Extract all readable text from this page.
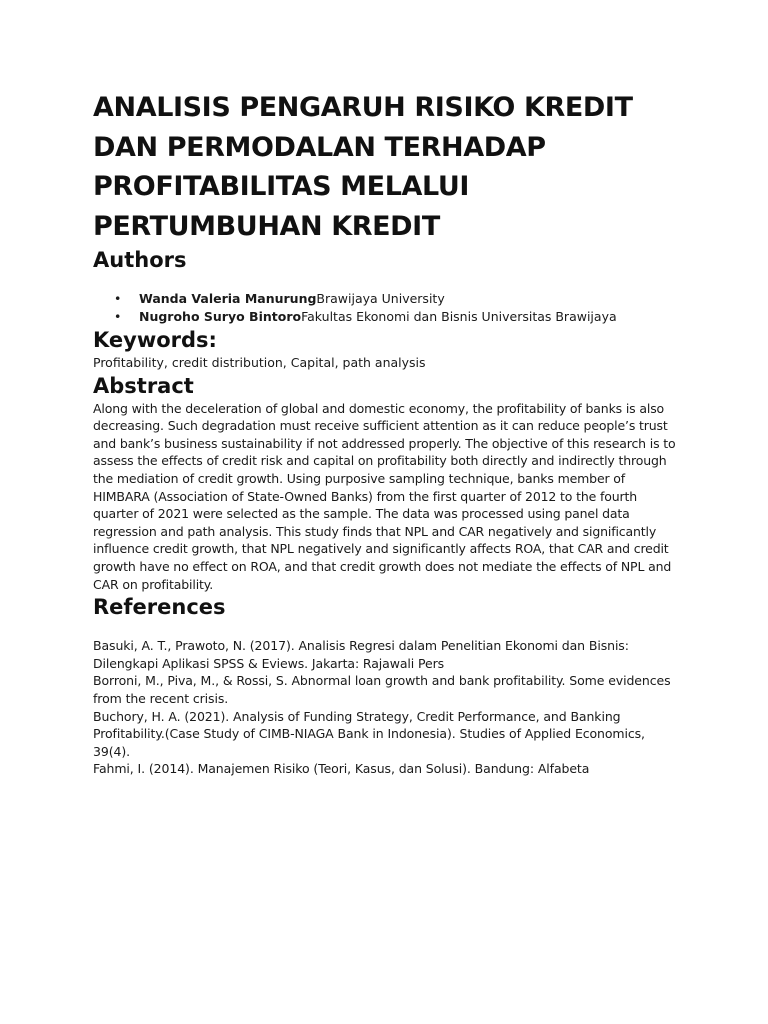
ANALISIS PENGARUH RISIKO KREDIT DAN PERMODALAN TERHADAP PROFITABILITAS MELALUI PERTUMBUHAN KREDIT
Authors
• Wanda Valeria ManurungBrawijaya University
• Nugroho Suryo BintoroFakultas Ekonomi dan Bisnis Universitas Brawijaya
Keywords:

Profitability, credit distribution, Capital, path analysis

Abstract

Along with the deceleration of global and domestic economy, the profitability of banks is also decreasing. Such degradation must receive sufficient attention as it can reduce people’s trust and bank’s business sustainability if not addressed properly. The objective of this research is to assess the effects of credit risk and capital on profitability both directly and indirectly through the mediation of credit growth. Using purposive sampling technique, banks member of HIMBARA (Association of State-Owned Banks) from the first quarter of 2012 to the fourth quarter of 2021 were selected as the sample. The data was processed using panel data regression and path analysis. This study finds that NPL and CAR negatively and significantly influence credit growth, that NPL negatively and significantly affects ROA, that CAR and credit growth have no effect on ROA, and that credit growth does not mediate the effects of NPL and CAR on profitability.

References

Basuki, A. T., Prawoto, N. (2017). Analisis Regresi dalam Penelitian Ekonomi dan Bisnis: Dilengkapi Aplikasi SPSS & Eviews. Jakarta: Rajawali Pers

Borroni, M., Piva, M., & Rossi, S. Abnormal loan growth and bank profitability. Some evidences from the recent crisis.

Buchory, H. A. (2021). Analysis of Funding Strategy, Credit Performance, and Banking Profitability.(Case Study of CIMB-NIAGA Bank in Indonesia). Studies of Applied Economics, 39(4).

Fahmi, I. (2014). Manajemen Risiko (Teori, Kasus, dan Solusi). Bandung: Alfabeta
